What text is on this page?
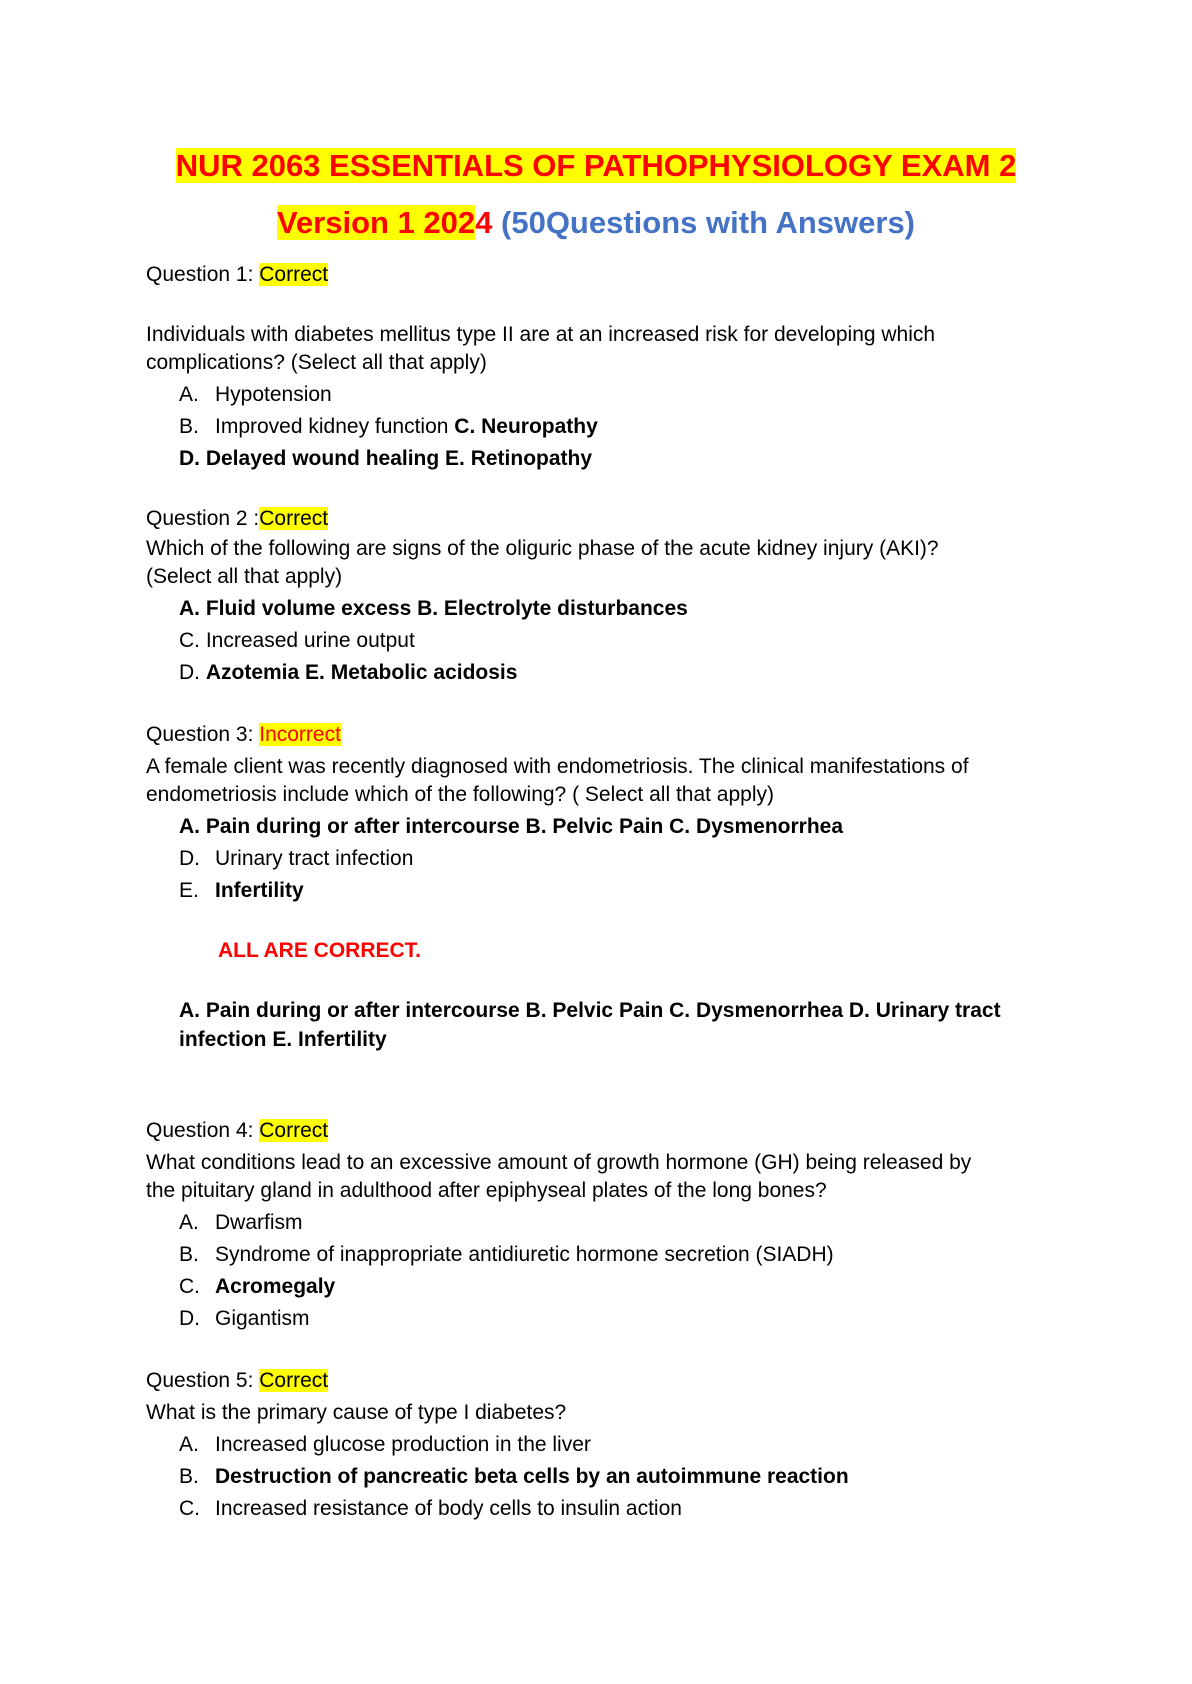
NUR 2063 ESSENTIALS OF PATHOPHYSIOLOGY EXAM 2
Version 1 2024 (50Questions with Answers)
Question 1: Correct
Individuals with diabetes mellitus type II are at an increased risk for developing which
complications? (Select all that apply)
A. Hypotension
B. Improved kidney function C. Neuropathy
D. Delayed wound healing E. Retinopathy
Question 2 :Correct
Which of the following are signs of the oliguric phase of the acute kidney injury (AKI)?
(Select all that apply)
A. Fluid volume excess B. Electrolyte disturbances
C. Increased urine output
D. Azotemia E. Metabolic acidosis
Question 3: Incorrect
A female client was recently diagnosed with endometriosis. The clinical manifestations of
endometriosis include which of the following? ( Select all that apply)
A. Pain during or after intercourse B. Pelvic Pain C. Dysmenorrhea
D. Urinary tract infection
E. Infertility
ALL ARE CORRECT.
A. Pain during or after intercourse B. Pelvic Pain C. Dysmenorrhea D. Urinary tract
infection E. Infertility
Question 4: Correct
What conditions lead to an excessive amount of growth hormone (GH) being released by
the pituitary gland in adulthood after epiphyseal plates of the long bones?
A. Dwarfism
B. Syndrome of inappropriate antidiuretic hormone secretion (SIADH)
C. Acromegaly
D. Gigantism
Question 5: Correct
What is the primary cause of type I diabetes?
A. Increased glucose production in the liver
B. Destruction of pancreatic beta cells by an autoimmune reaction
C. Increased resistance of body cells to insulin action
